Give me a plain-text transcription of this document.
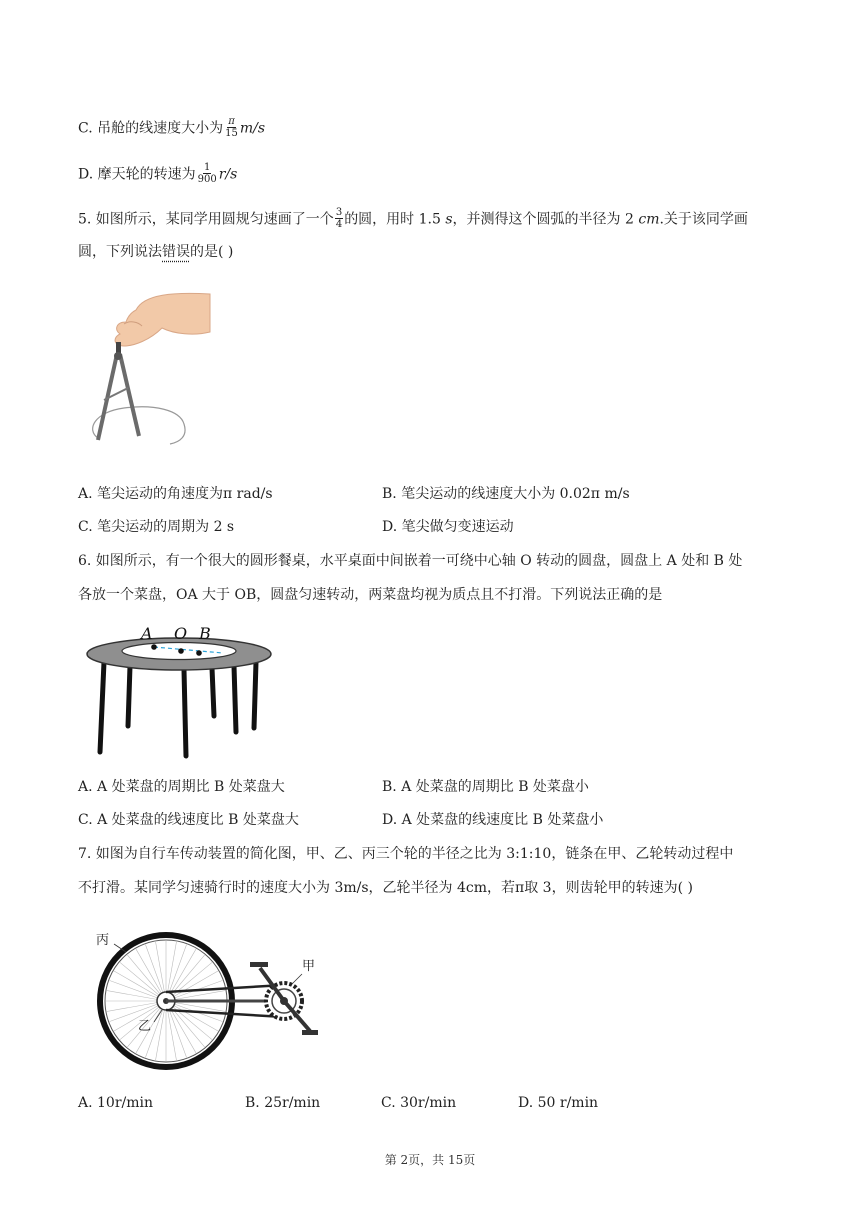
C. 吊舱的线速度大小为 $\frac{\pi}{15} m/s$
D. 摩天轮的转速为 $\frac{1}{900} r/s$
5. 如图所示，某同学用圆规匀速画了一个 $\frac{3}{4}$ 的圆，用时 1.5 s，并测得这个圆弧的半径为 2 cm.关于该同学画
圆，下列说法错误的是( )
A. 笔尖运动的角速度为π rad/s	B. 笔尖运动的线速度大小为 0.02π m/s
C. 笔尖运动的周期为 2 s	D. 笔尖做匀变速运动
6. 如图所示，有一个很大的圆形餐桌，水平桌面中间嵌着一可绕中心轴 O 转动的圆盘，圆盘上 A 处和 B 处
各放一个菜盘，OA 大于 OB，圆盘匀速转动，两菜盘均视为质点且不打滑。下列说法正确的是
A O B
A. A 处菜盘的周期比 B 处菜盘大	B. A 处菜盘的周期比 B 处菜盘小
C. A 处菜盘的线速度比 B 处菜盘大	D. A 处菜盘的线速度比 B 处菜盘小
7. 如图为自行车传动装置的简化图，甲、乙、丙三个轮的半径之比为 3:1:10，链条在甲、乙轮转动过程中
不打滑。某同学匀速骑行时的速度大小为 3m/s，乙轮半径为 4cm，若π取 3，则齿轮甲的转速为( )
丙
甲
乙
A. 10r/min	B. 25r/min	C. 30r/min	D. 50 r/min
第 2页，共 15页
